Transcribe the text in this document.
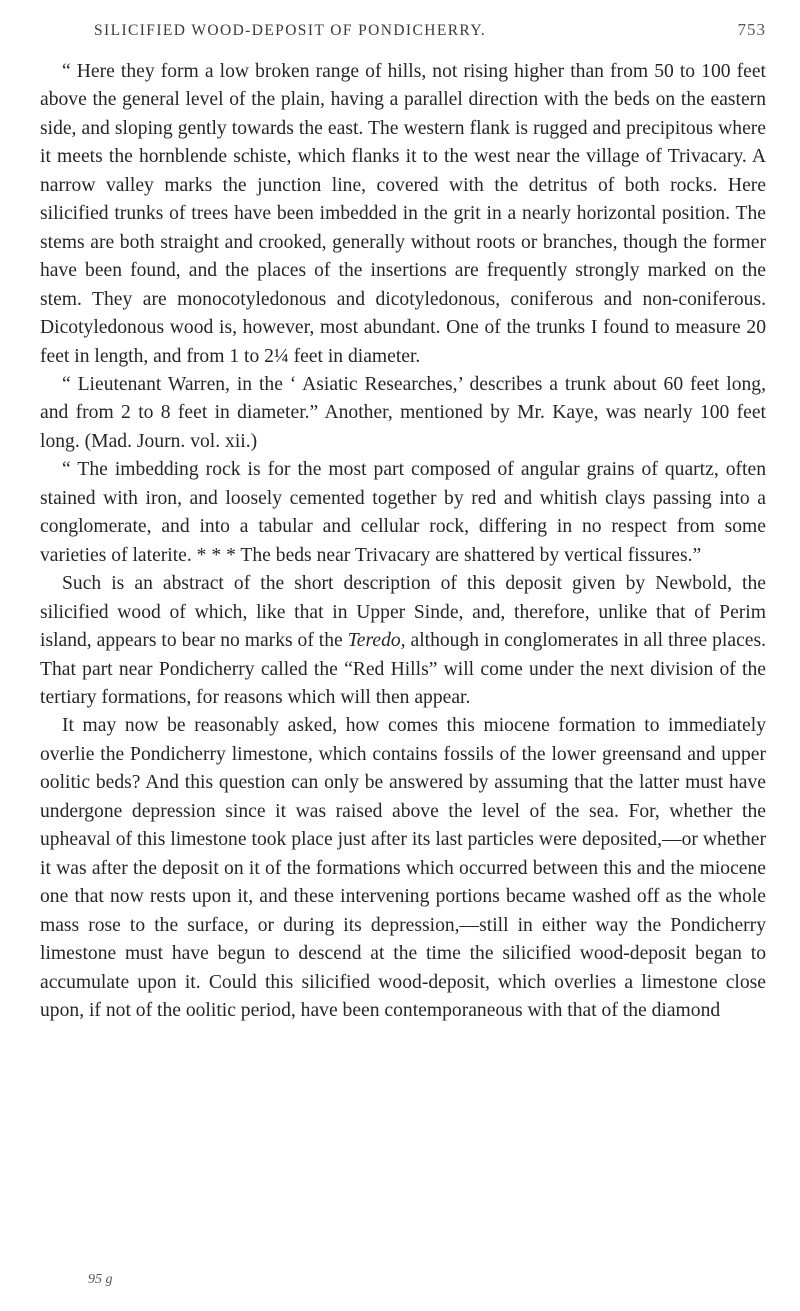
SILICIFIED WOOD-DEPOSIT OF PONDICHERRY.	753

“ Here they form a low broken range of hills, not rising higher than from 50 to 100 feet above the general level of the plain, having a parallel direction with the beds on the eastern side, and sloping gently towards the east. The western flank is rugged and precipitous where it meets the hornblende schiste, which flanks it to the west near the village of Trivacary. A narrow valley marks the junction line, covered with the detritus of both rocks. Here silicified trunks of trees have been imbedded in the grit in a nearly horizontal position. The stems are both straight and crooked, generally without roots or branches, though the former have been found, and the places of the insertions are frequently strongly marked on the stem. They are monocotyledonous and dicotyledonous, coniferous and non-coniferous. Dicotyledonous wood is, however, most abundant. One of the trunks I found to measure 20 feet in length, and from 1 to 2¼ feet in diameter.

“ Lieutenant Warren, in the ‘ Asiatic Researches,’ describes a trunk about 60 feet long, and from 2 to 8 feet in diameter.” Another, mentioned by Mr. Kaye, was nearly 100 feet long. (Mad. Journ. vol. xii.)

“ The imbedding rock is for the most part composed of angular grains of quartz, often stained with iron, and loosely cemented together by red and whitish clays passing into a conglomerate, and into a tabular and cellular rock, differing in no respect from some varieties of laterite. * * * The beds near Trivacary are shattered by vertical fissures.”

Such is an abstract of the short description of this deposit given by Newbold, the silicified wood of which, like that in Upper Sinde, and, therefore, unlike that of Perim island, appears to bear no marks of the Teredo, although in conglomerates in all three places. That part near Pondicherry called the “Red Hills” will come under the next division of the tertiary formations, for reasons which will then appear.

It may now be reasonably asked, how comes this miocene formation to immediately overlie the Pondicherry limestone, which contains fossils of the lower greensand and upper oolitic beds? And this question can only be answered by assuming that the latter must have undergone depression since it was raised above the level of the sea. For, whether the upheaval of this limestone took place just after its last particles were deposited,—or whether it was after the deposit on it of the formations which occurred between this and the miocene one that now rests upon it, and these intervening portions became washed off as the whole mass rose to the surface, or during its depression,—still in either way the Pondicherry limestone must have begun to descend at the time the silicified wood-deposit began to accumulate upon it. Could this silicified wood-deposit, which overlies a limestone close upon, if not of the oolitic period, have been contemporaneous with that of the diamond

95 g
